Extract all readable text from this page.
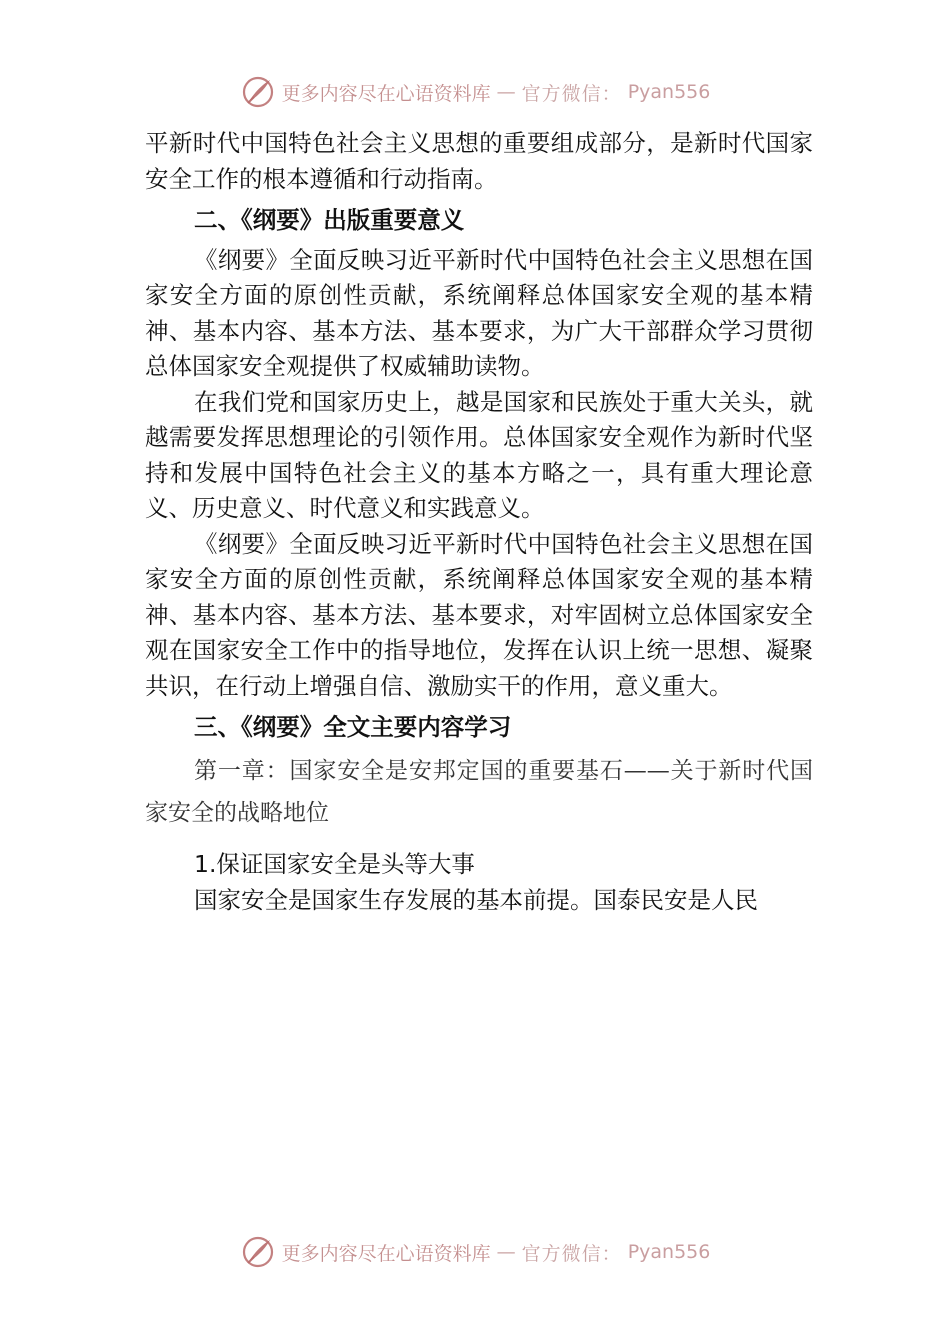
更多内容尽在心语资料库 — 官方微信： Pyan556

平新时代中国特色社会主义思想的重要组成部分，是新时代国家安全工作的根本遵循和行动指南。

二、《纲要》出版重要意义

《纲要》全面反映习近平新时代中国特色社会主义思想在国家安全方面的原创性贡献，系统阐释总体国家安全观的基本精神、基本内容、基本方法、基本要求，为广大干部群众学习贯彻总体国家安全观提供了权威辅助读物。

在我们党和国家历史上，越是国家和民族处于重大关头，就越需要发挥思想理论的引领作用。总体国家安全观作为新时代坚持和发展中国特色社会主义的基本方略之一，具有重大理论意义、历史意义、时代意义和实践意义。

《纲要》全面反映习近平新时代中国特色社会主义思想在国家安全方面的原创性贡献，系统阐释总体国家安全观的基本精神、基本内容、基本方法、基本要求，对牢固树立总体国家安全观在国家安全工作中的指导地位，发挥在认识上统一思想、凝聚共识，在行动上增强自信、激励实干的作用，意义重大。

三、《纲要》全文主要内容学习

第一章：国家安全是安邦定国的重要基石——关于新时代国家安全的战略地位

1.保证国家安全是头等大事

国家安全是国家生存发展的基本前提。国泰民安是人民

更多内容尽在心语资料库 — 官方微信： Pyan556
